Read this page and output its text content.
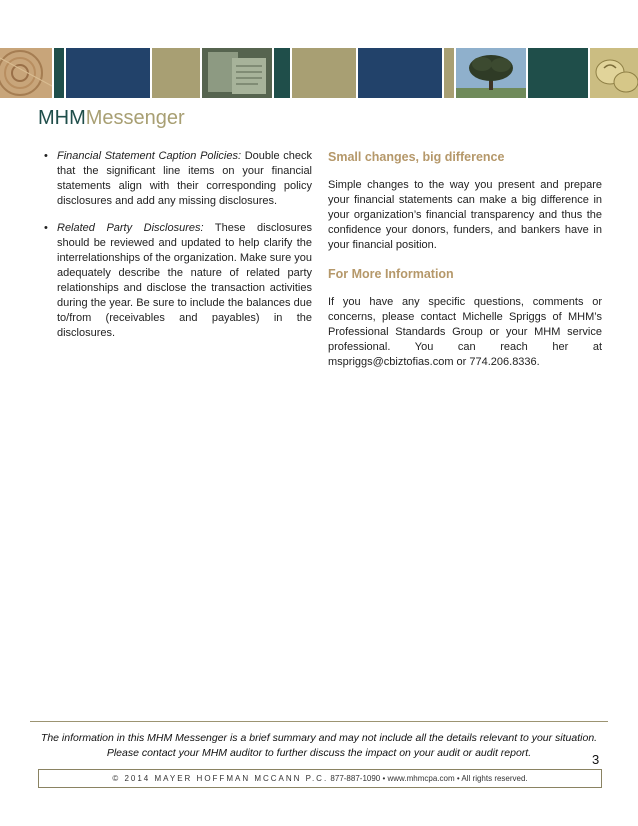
MHMMessenger
• Financial Statement Caption Policies: Double check that the significant line items on your financial statements align with their corresponding policy disclosures and add any missing disclosures.
• Related Party Disclosures: These disclosures should be reviewed and updated to help clarify the interrelationships of the organization. Make sure you adequately describe the nature of related party relationships and disclose the transaction activities during the year. Be sure to include the balances due to/from (receivables and payables) in the disclosures.
Small changes, big difference
Simple changes to the way you present and prepare your financial statements can make a big difference in your organization’s financial transparency and thus the confidence your donors, funders, and bankers have in your financial position.
For More Information
If you have any specific questions, comments or concerns, please contact Michelle Spriggs of MHM’s Professional Standards Group or your MHM service professional. You can reach her at mspriggs@cbiztofias.com or 774.206.8336.
The information in this MHM Messenger is a brief summary and may not include all the details relevant to your situation.
Please contact your MHM auditor to further discuss the impact on your audit or audit report.	3
© 2014 MAYER HOFFMAN MCCANN P.C. 877-887-1090 • www.mhmcpa.com • All rights reserved.
